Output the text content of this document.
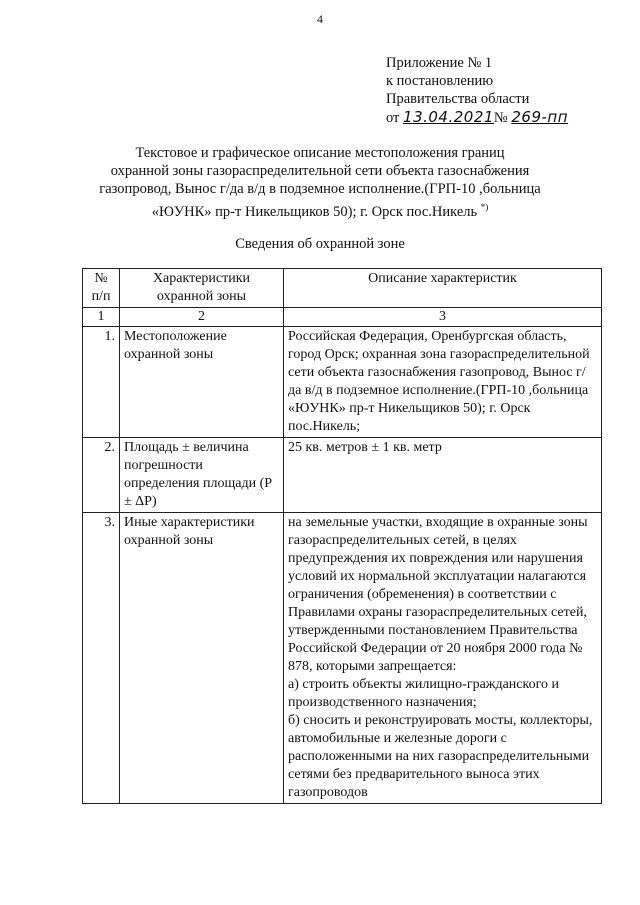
4
Приложение № 1
к постановлению
Правительства области
от 13.04.2021№ 269-пп
Текстовое и графическое описание местоположения границ
охранной зоны газораспределительной сети объекта газоснабжения
газопровод, Вынос г/да в/д в подземное исполнение.(ГРП-10 ,больница
«ЮУНК» пр-т Никельщиков 50); г. Орск пос.Никель *)
Сведения об охранной зоне
№ п/п	Характеристики охранной зоны	Описание характеристик
1	2	3
1.	Местоположение охранной зоны	Российская Федерация, Оренбургская область, город Орск; охранная зона газораспределительной сети объекта газоснабжения газопровод, Вынос г/да в/д в подземное исполнение.(ГРП-10 ,больница «ЮУНК» пр-т Никельщиков 50); г. Орск пос.Никель;
2.	Площадь ± величина погрешности определения площади (P ± ΔP)	25 кв. метров ± 1 кв. метр
3.	Иные характеристики охранной зоны	на земельные участки, входящие в охранные зоны газораспределительных сетей, в целях предупреждения их повреждения или нарушения условий их нормальной эксплуатации налагаются ограничения (обременения) в соответствии с Правилами охраны газораспределительных сетей, утвержденными постановлением Правительства Российской Федерации от 20 ноября 2000 года № 878, которыми запрещается:
а) строить объекты жилищно-гражданского и производственного назначения;
б) сносить и реконструировать мосты, коллекторы, автомобильные и железные дороги с расположенными на них газораспределительными сетями без предварительного выноса этих газопроводов
